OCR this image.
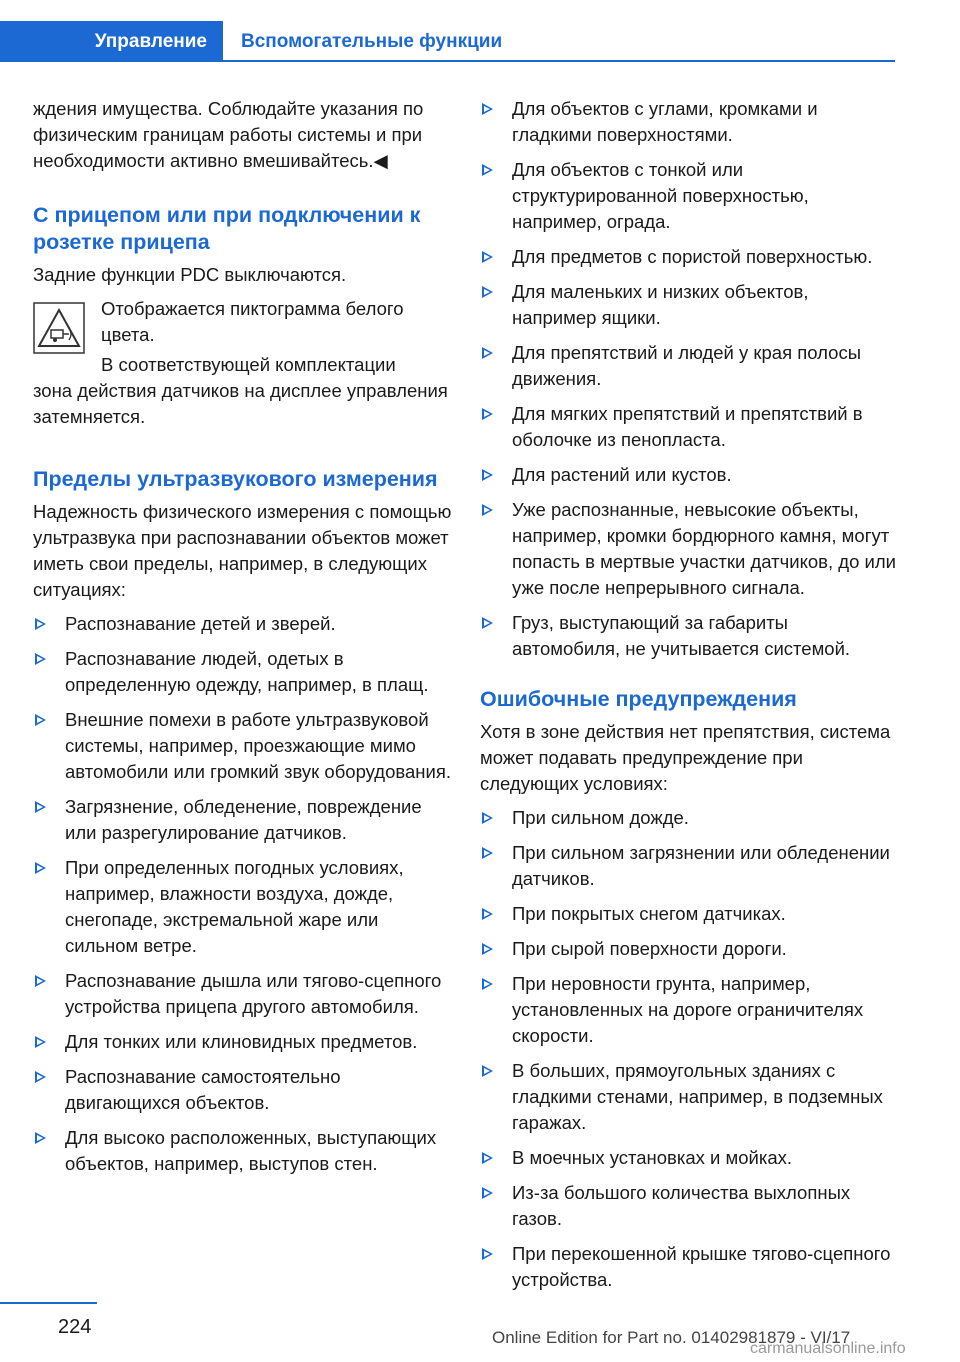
Управление Вспомогательные функции

ждения имущества. Соблюдайте указания по физическим границам работы системы и при необходимости активно вмешивайтесь.◀

С прицепом или при подключении к розетке прицепа

Задние функции PDC выключаются.

Отображается пиктограмма белого цвета.

В соответствующей комплектации

зона действия датчиков на дисплее управления затемняется.

Пределы ультразвукового измерения

Надежность физического измерения с помощью ультразвука при распознавании объектов может иметь свои пределы, например, в следующих ситуациях:

Распознавание детей и зверей.
Распознавание людей, одетых в определенную одежду, например, в плащ.
Внешние помехи в работе ультразвуковой системы, например, проезжающие мимо автомобили или громкий звук оборудования.
Загрязнение, обледенение, повреждение или разрегулирование датчиков.
При определенных погодных условиях, например, влажности воздуха, дожде, снегопаде, экстремальной жаре или сильном ветре.
Распознавание дышла или тягово-сцепного устройства прицепа другого автомобиля.
Для тонких или клиновидных предметов.
Распознавание самостоятельно двигающихся объектов.
Для высоко расположенных, выступающих объектов, например, выступов стен.
Для объектов с углами, кромками и гладкими поверхностями.
Для объектов с тонкой или структурированной поверхностью, например, ограда.
Для предметов с пористой поверхностью.
Для маленьких и низких объектов, например ящики.
Для препятствий и людей у края полосы движения.
Для мягких препятствий и препятствий в оболочке из пенопласта.
Для растений или кустов.
Уже распознанные, невысокие объекты, например, кромки бордюрного камня, могут попасть в мертвые участки датчиков, до или уже после непрерывного сигнала.
Груз, выступающий за габариты автомобиля, не учитывается системой.
Ошибочные предупреждения

Хотя в зоне действия нет препятствия, система может подавать предупреждение при следующих условиях:

При сильном дожде.
При сильном загрязнении или обледенении датчиков.
При покрытых снегом датчиках.
При сырой поверхности дороги.
При неровности грунта, например, установленных на дороге ограничителях скорости.
В больших, прямоугольных зданиях с гладкими стенами, например, в подземных гаражах.
В моечных установках и мойках.
Из-за большого количества выхлопных газов.
При перекошенной крышке тягово-сцепного устройства.
224	Online Edition for Part no. 01402981879 - VI/17
carmanualsonline.info
